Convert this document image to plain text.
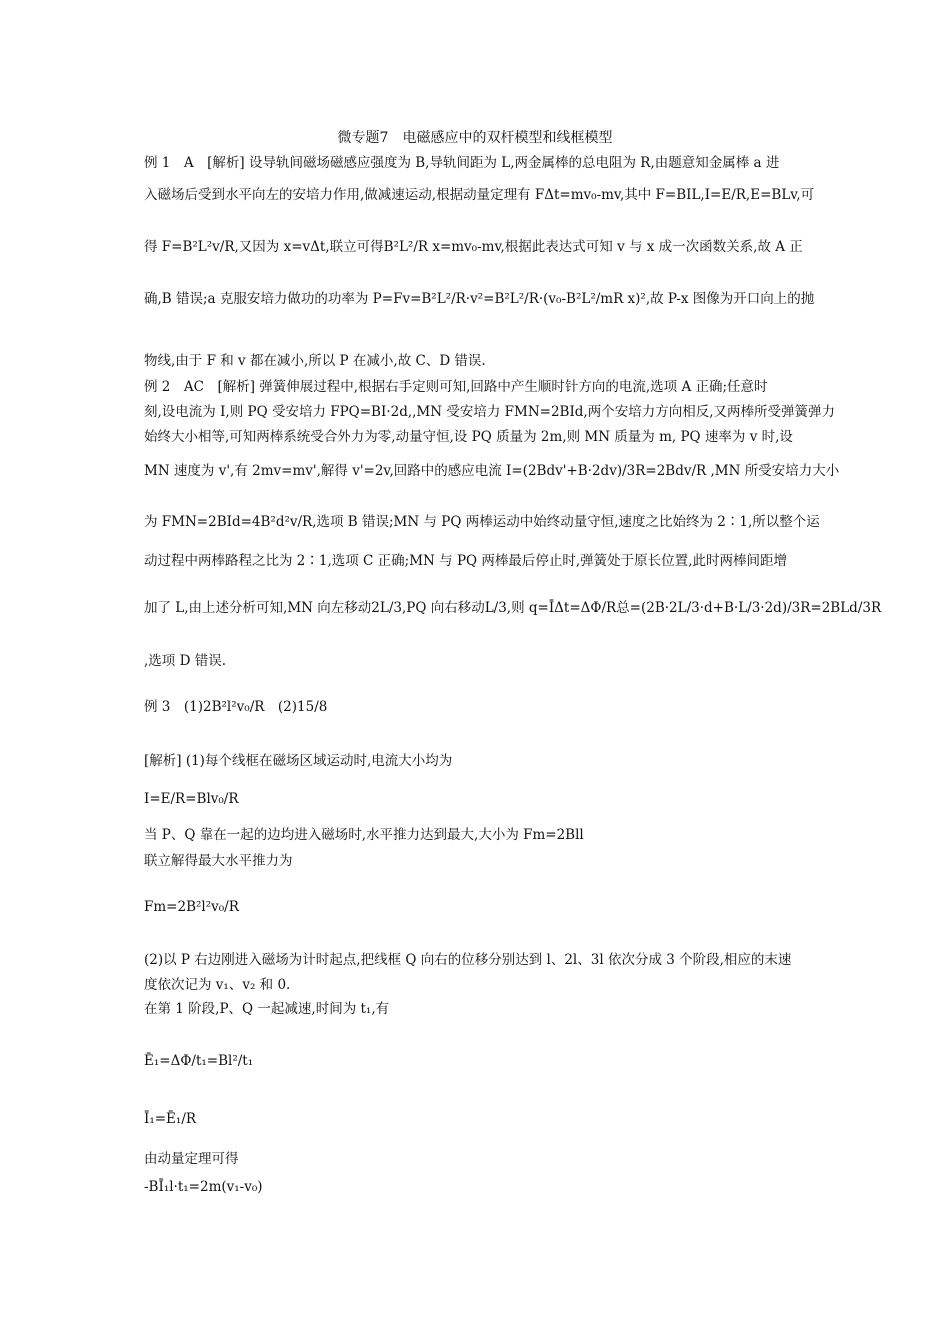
微专题7　电磁感应中的双杆模型和线框模型
例 1　A　[解析] 设导轨间磁场磁感应强度为 B,导轨间距为 L,两金属棒的总电阻为 R,由题意知金属棒 a 进
入磁场后受到水平向左的安培力作用,做减速运动,根据动量定理有 FΔt=mv₀-mv,其中 F=BIL,I=E/R,E=BLv,可
得 F=B²L²v/R,又因为 x=vΔt,联立可得B²L²/R x=mv₀-mv,根据此表达式可知 v 与 x 成一次函数关系,故 A 正
确,B 错误;a 克服安培力做功的功率为 P=Fv=B²L²/R·v²=B²L²/R·(v₀-B²L²/mR x)²,故 P-x 图像为开口向上的抛
物线,由于 F 和 v 都在减小,所以 P 在减小,故 C、D 错误.
例 2　AC　[解析] 弹簧伸展过程中,根据右手定则可知,回路中产生顺时针方向的电流,选项 A 正确;任意时
刻,设电流为 I,则 PQ 受安培力 FPQ=BI·2d,,MN 受安培力 FMN=2BId,两个安培力方向相反,又两棒所受弹簧弹力
始终大小相等,可知两棒系统受合外力为零,动量守恒,设 PQ 质量为 2m,则 MN 质量为 m, PQ 速率为 v 时,设
MN 速度为 v',有 2mv=mv',解得 v'=2v,回路中的感应电流 I=(2Bdv'+B·2dv)/3R=2Bdv/R ,MN 所受安培力大小
为 FMN=2BId=4B²d²v/R,选项 B 错误;MN 与 PQ 两棒运动中始终动量守恒,速度之比始终为 2∶1,所以整个运
动过程中两棒路程之比为 2∶1,选项 C 正确;MN 与 PQ 两棒最后停止时,弹簧处于原长位置,此时两棒间距增
加了 L,由上述分析可知,MN 向左移动2L/3,PQ 向右移动L/3,则 q=ĪΔt=ΔΦ/R总=(2B·2L/3·d+B·L/3·2d)/3R=2BLd/3R
,选项 D 错误.
例 3　(1)2B²l²v₀/R　(2)15/8
[解析] (1)每个线框在磁场区域运动时,电流大小均为
I=E/R=Blv₀/R
当 P、Q 靠在一起的边均进入磁场时,水平推力达到最大,大小为 Fm=2Bll
联立解得最大水平推力为
Fm=2B²l²v₀/R
(2)以 P 右边刚进入磁场为计时起点,把线框 Q 向右的位移分别达到 l、2l、3l 依次分成 3 个阶段,相应的末速
度依次记为 v₁、v₂ 和 0.
在第 1 阶段,P、Q 一起减速,时间为 t₁,有
Ē₁=ΔΦ/t₁=Bl²/t₁
Ī₁=Ē₁/R
由动量定理可得
-BĪ₁l·t₁=2m(v₁-v₀)
